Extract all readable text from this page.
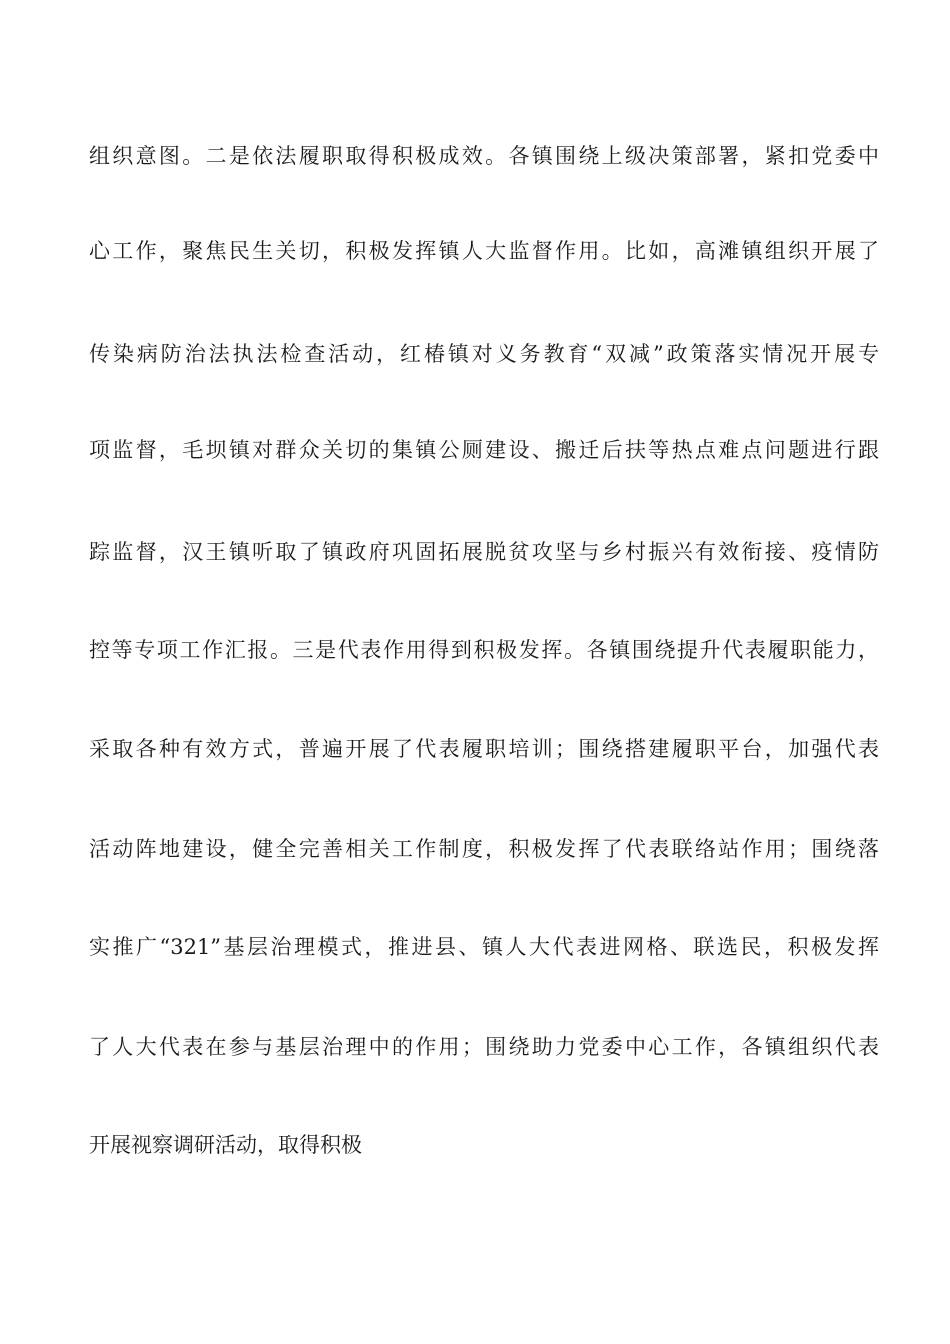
组织意图。二是依法履职取得积极成效。各镇围绕上级决策部署，紧扣党委中
心工作，聚焦民生关切，积极发挥镇人大监督作用。比如，高滩镇组织开展了
传染病防治法执法检查活动，红椿镇对义务教育“双减”政策落实情况开展专
项监督，毛坝镇对群众关切的集镇公厕建设、搬迁后扶等热点难点问题进行跟
踪监督，汉王镇听取了镇政府巩固拓展脱贫攻坚与乡村振兴有效衔接、疫情防
控等专项工作汇报。三是代表作用得到积极发挥。各镇围绕提升代表履职能力，
采取各种有效方式，普遍开展了代表履职培训；围绕搭建履职平台，加强代表
活动阵地建设，健全完善相关工作制度，积极发挥了代表联络站作用；围绕落
实推广“321”基层治理模式，推进县、镇人大代表进网格、联选民，积极发挥
了人大代表在参与基层治理中的作用；围绕助力党委中心工作，各镇组织代表
开展视察调研活动，取得积极
